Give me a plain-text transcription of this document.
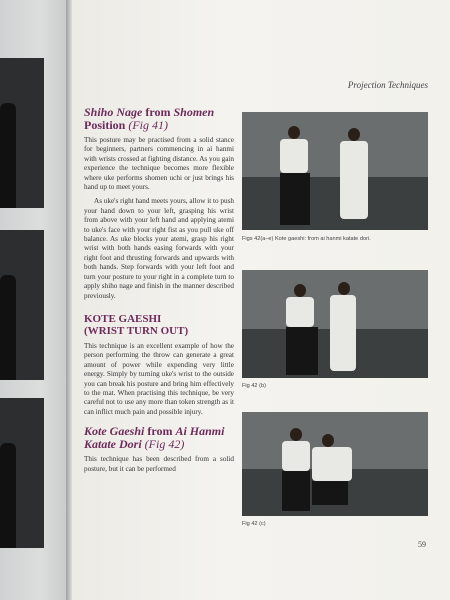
Projection Techniques
Shiho Nage from Shomen
Position (Fig 41)

This posture may be practised from a solid stance for beginners, partners commencing in ai hanmi with wrists crossed at fighting distance. As you gain experience the technique becomes more flexible where uke performs shomen uchi or just brings his hand up to meet yours.

As uke's right hand meets yours, allow it to push your hand down to your left, grasping his wrist from above with your left hand and applying atemi to uke's face with your right fist as you pull uke off balance. As uke blocks your atemi, grasp his right wrist with both hands easing forwards with your right foot and thrusting forwards and upwards with both hands. Step forwards with your left foot and turn your posture to your right in a complete turn to apply shiho nage and finish in the manner described previously.

KOTE GAESHI
(WRIST TURN OUT)

This technique is an excellent example of how the person performing the throw can generate a great amount of power while expending very little energy. Simply by turning uke's wrist to the outside you can break his posture and bring him effectively to the mat. When practising this technique, be very careful not to use any more than token strength as it can inflict much pain and possible injury.

Kote Gaeshi from Ai Hanmi
Katate Dori (Fig 42)

This technique has been described from a solid posture, but it can be performed

Figs 42(a–e) Kote gaeshi: from ai hanmi katate dori.
Fig 42 (b)
Fig 42 (c)
59
